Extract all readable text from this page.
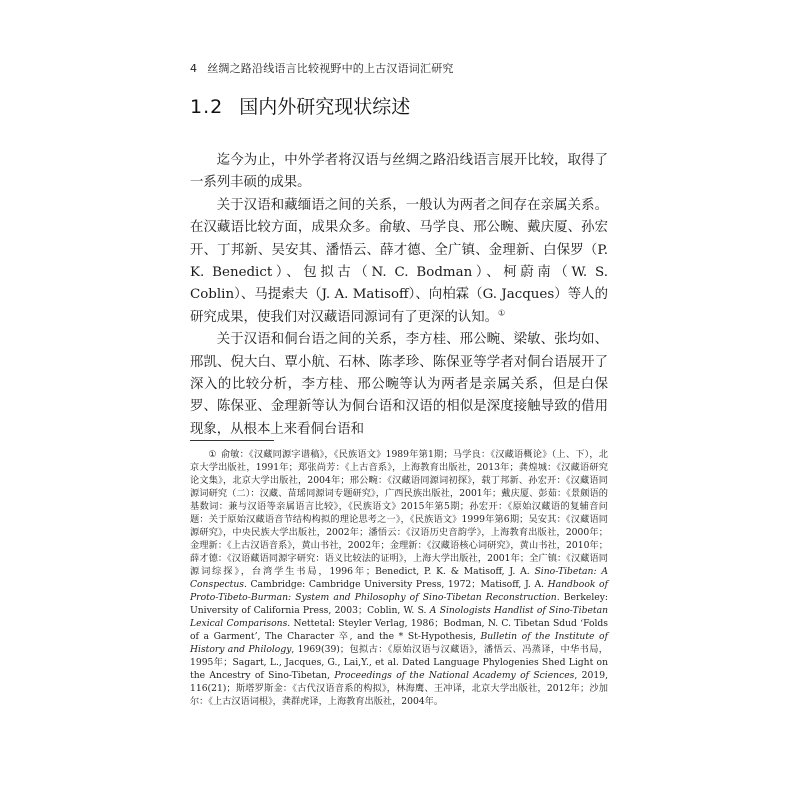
4 丝绸之路沿线语言比较视野中的上古汉语词汇研究
1.2 国内外研究现状综述

迄今为止，中外学者将汉语与丝绸之路沿线语言展开比较，取得了一系列丰硕的成果。

关于汉语和藏缅语之间的关系，一般认为两者之间存在亲属关系。在汉藏语比较方面，成果众多。俞敏、马学良、邢公畹、戴庆厦、孙宏开、丁邦新、吴安其、潘悟云、薛才德、全广镇、金理新、白保罗（P. K. Benedict）、包拟古（N. C. Bodman）、柯蔚南（W. S. Coblin）、马提索夫（J. A. Matisoff）、向柏霖（G. Jacques）等人的研究成果，使我们对汉藏语同源词有了更深的认知。①

关于汉语和侗台语之间的关系，李方桂、邢公畹、梁敏、张均如、邢凯、倪大白、覃小航、石林、陈孝珍、陈保亚等学者对侗台语展开了深入的比较分析，李方桂、邢公畹等认为两者是亲属关系，但是白保罗、陈保亚、金理新等认为侗台语和汉语的相似是深度接触导致的借用现象，从根本上来看侗台语和

① 俞敏：《汉藏同源字谱稿》，《民族语文》1989年第1期；马学良：《汉藏语概论》（上、下），北京大学出版社，1991年；郑张尚芳：《上古音系》，上海教育出版社，2013年；龚煌城：《汉藏语研究论文集》，北京大学出版社，2004年；邢公畹：《汉藏语同源词初探》，载丁邦新、孙宏开：《汉藏语同源词研究（二）：汉藏、苗瑶同源词专题研究》，广西民族出版社，2001年；戴庆厦、彭茹：《景颇语的基数词：兼与汉语等亲属语言比较》，《民族语文》2015年第5期；孙宏开：《原始汉藏语的复辅音问题：关于原始汉藏语音节结构构拟的理论思考之一》，《民族语文》1999年第6期；吴安其：《汉藏语同源研究》，中央民族大学出版社，2002年；潘悟云：《汉语历史音韵学》，上海教育出版社，2000年；金理新：《上古汉语音系》，黄山书社，2002年；金理新：《汉藏语核心词研究》，黄山书社，2010年；薛才德：《汉语藏语同源字研究：语义比较法的证明》，上海大学出版社，2001年；全广镇：《汉藏语同源词综探》，台湾学生书局，1996年；Benedict, P. K. & Matisoff, J. A. Sino-Tibetan: A Conspectus. Cambridge: Cambridge University Press, 1972；Matisoff, J. A. Handbook of Proto-Tibeto-Burman: System and Philosophy of Sino-Tibetan Reconstruction. Berkeley: University of California Press, 2003；Coblin, W. S. A Sinologists Handlist of Sino-Tibetan Lexical Comparisons. Nettetal: Steyler Verlag, 1986；Bodman, N. C. Tibetan Sdud ‘Folds of a Garment’, The Character 卒, and the * St-Hypothesis, Bulletin of the Institute of History and Philology, 1969(39)；包拟古：《原始汉语与汉藏语》，潘悟云、冯蒸译，中华书局，1995年；Sagart, L., Jacques, G., Lai,Y., et al. Dated Language Phylogenies Shed Light on the Ancestry of Sino-Tibetan, Proceedings of the National Academy of Sciences, 2019, 116(21)；斯塔罗斯金：《古代汉语音系的构拟》，林海鹰、王冲译，北京大学出版社，2012年；沙加尔：《上古汉语词根》，龚群虎译，上海教育出版社，2004年。
